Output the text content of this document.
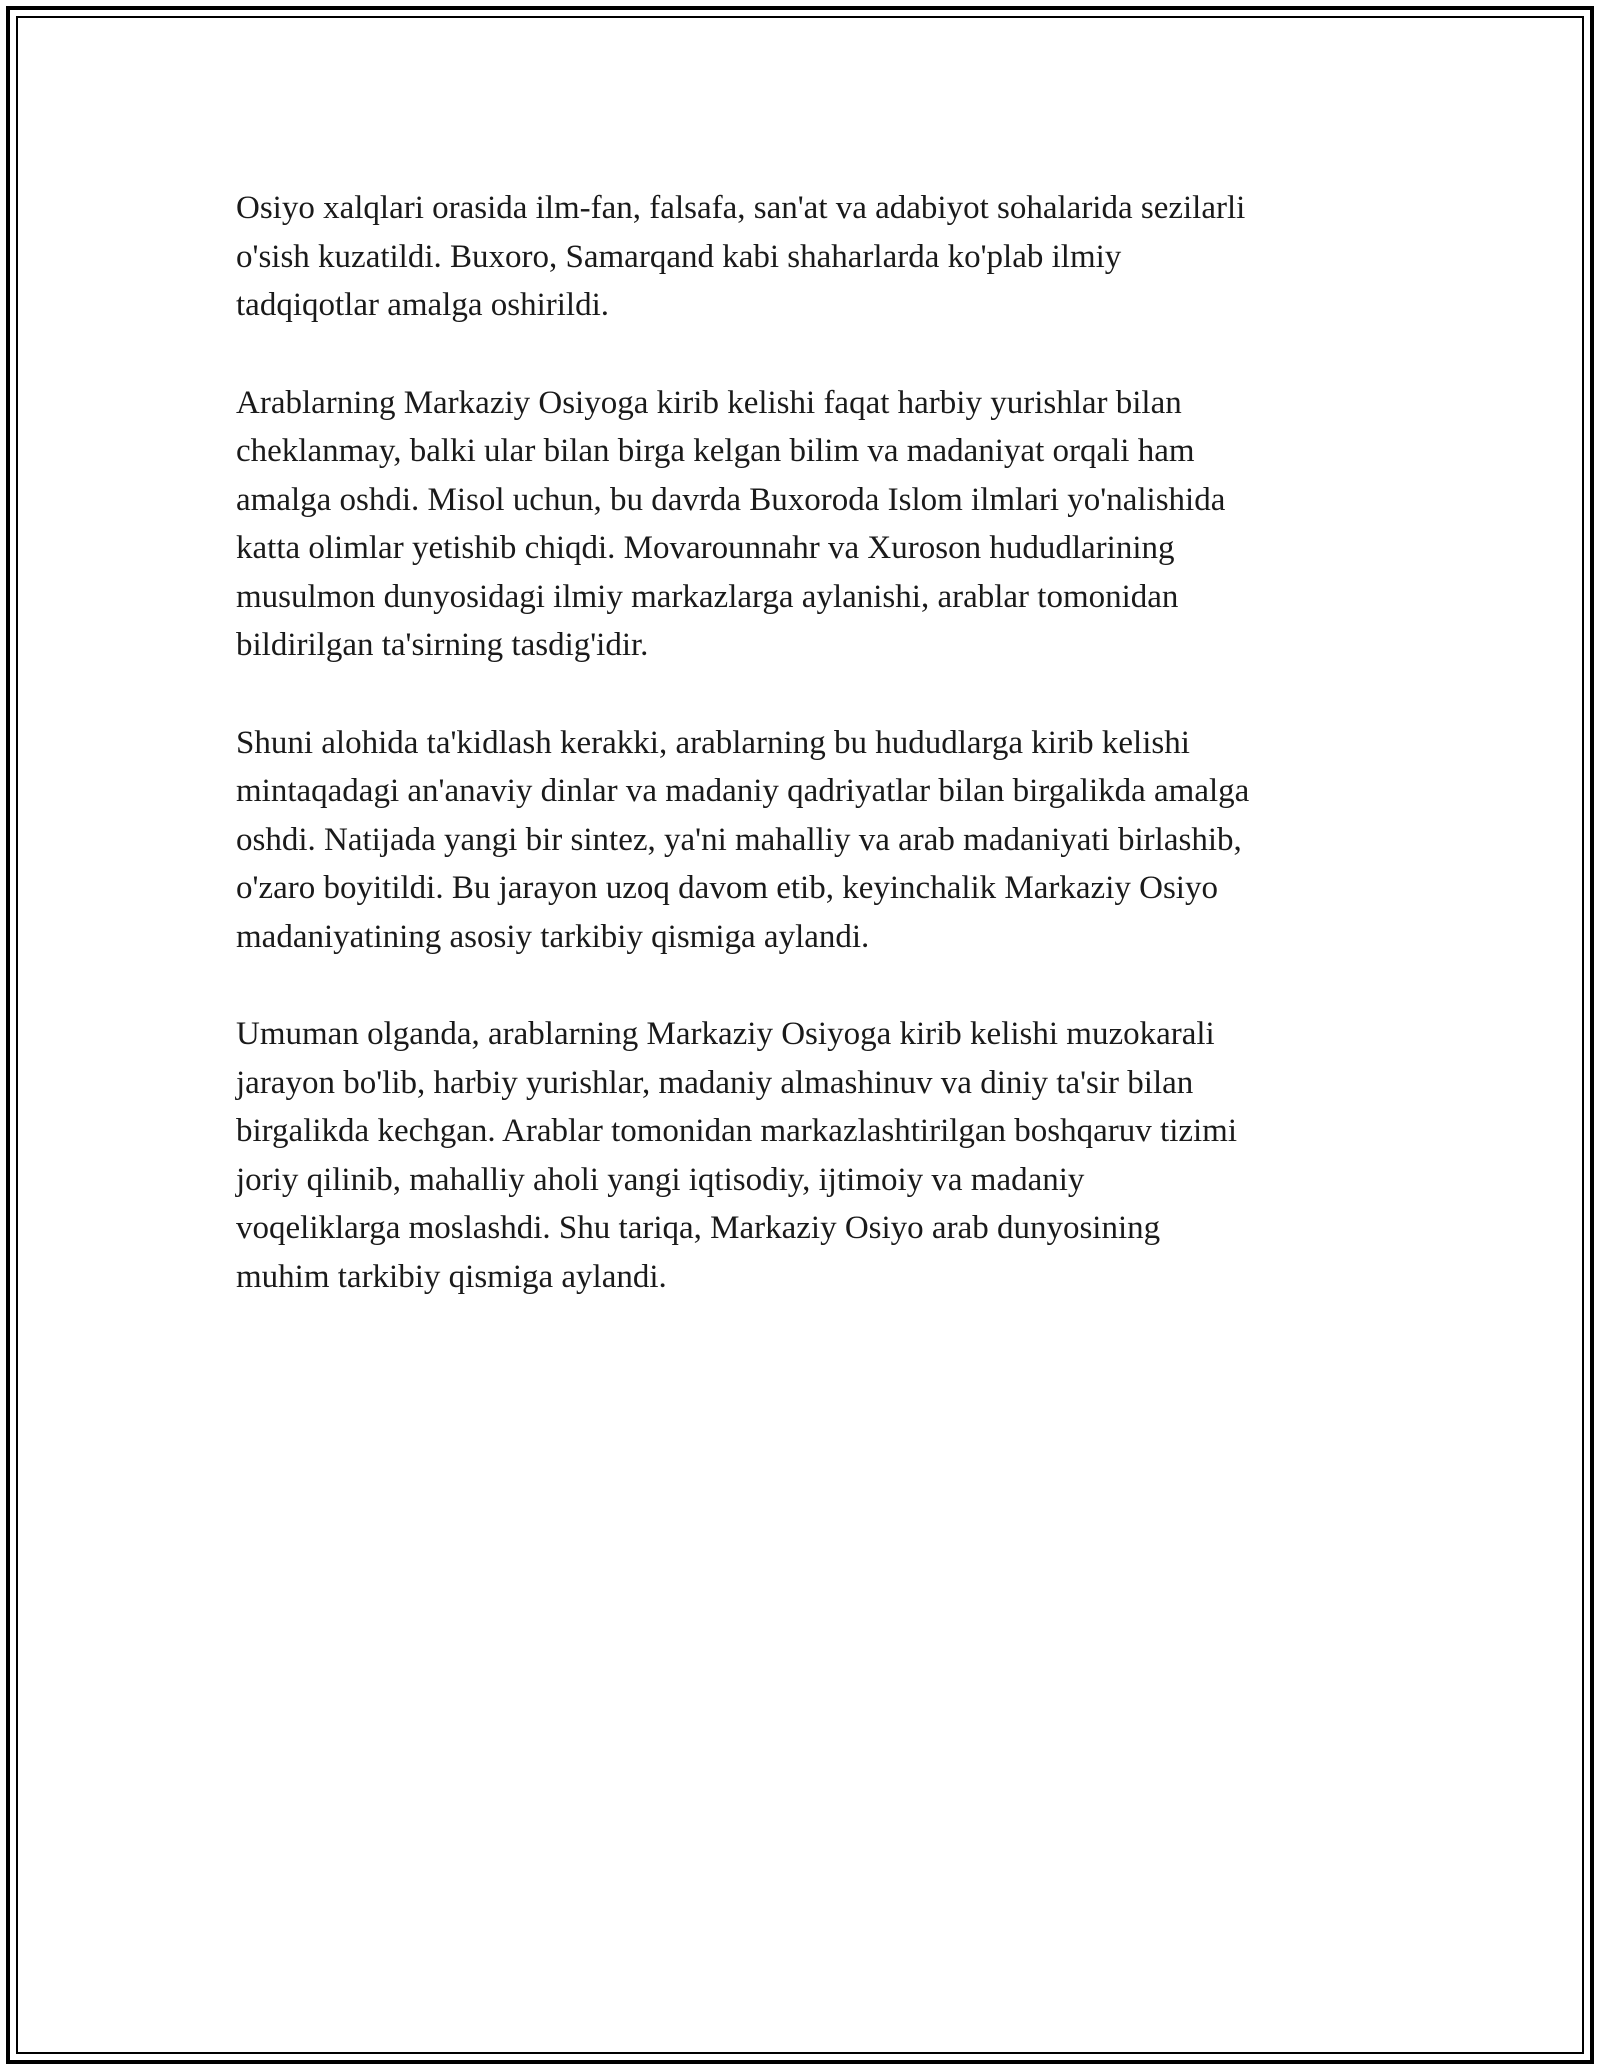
Osiyo xalqlari orasida ilm-fan, falsafa, san'at va adabiyot sohalarida sezilarli
o'sish kuzatildi. Buxoro, Samarqand kabi shaharlarda ko'plab ilmiy
tadqiqotlar amalga oshirildi.

Arablarning Markaziy Osiyoga kirib kelishi faqat harbiy yurishlar bilan
cheklanmay, balki ular bilan birga kelgan bilim va madaniyat orqali ham
amalga oshdi. Misol uchun, bu davrda Buxoroda Islom ilmlari yo'nalishida
katta olimlar yetishib chiqdi. Movarounnahr va Xuroson hududlarining
musulmon dunyosidagi ilmiy markazlarga aylanishi, arablar tomonidan
bildirilgan ta'sirning tasdig'idir.

Shuni alohida ta'kidlash kerakki, arablarning bu hududlarga kirib kelishi
mintaqadagi an'anaviy dinlar va madaniy qadriyatlar bilan birgalikda amalga
oshdi. Natijada yangi bir sintez, ya'ni mahalliy va arab madaniyati birlashib,
o'zaro boyitildi. Bu jarayon uzoq davom etib, keyinchalik Markaziy Osiyo
madaniyatining asosiy tarkibiy qismiga aylandi.

Umuman olganda, arablarning Markaziy Osiyoga kirib kelishi muzokarali
jarayon bo'lib, harbiy yurishlar, madaniy almashinuv va diniy ta'sir bilan
birgalikda kechgan. Arablar tomonidan markazlashtirilgan boshqaruv tizimi
joriy qilinib, mahalliy aholi yangi iqtisodiy, ijtimoiy va madaniy
voqeliklarga moslashdi. Shu tariqa, Markaziy Osiyo arab dunyosining
muhim tarkibiy qismiga aylandi.
